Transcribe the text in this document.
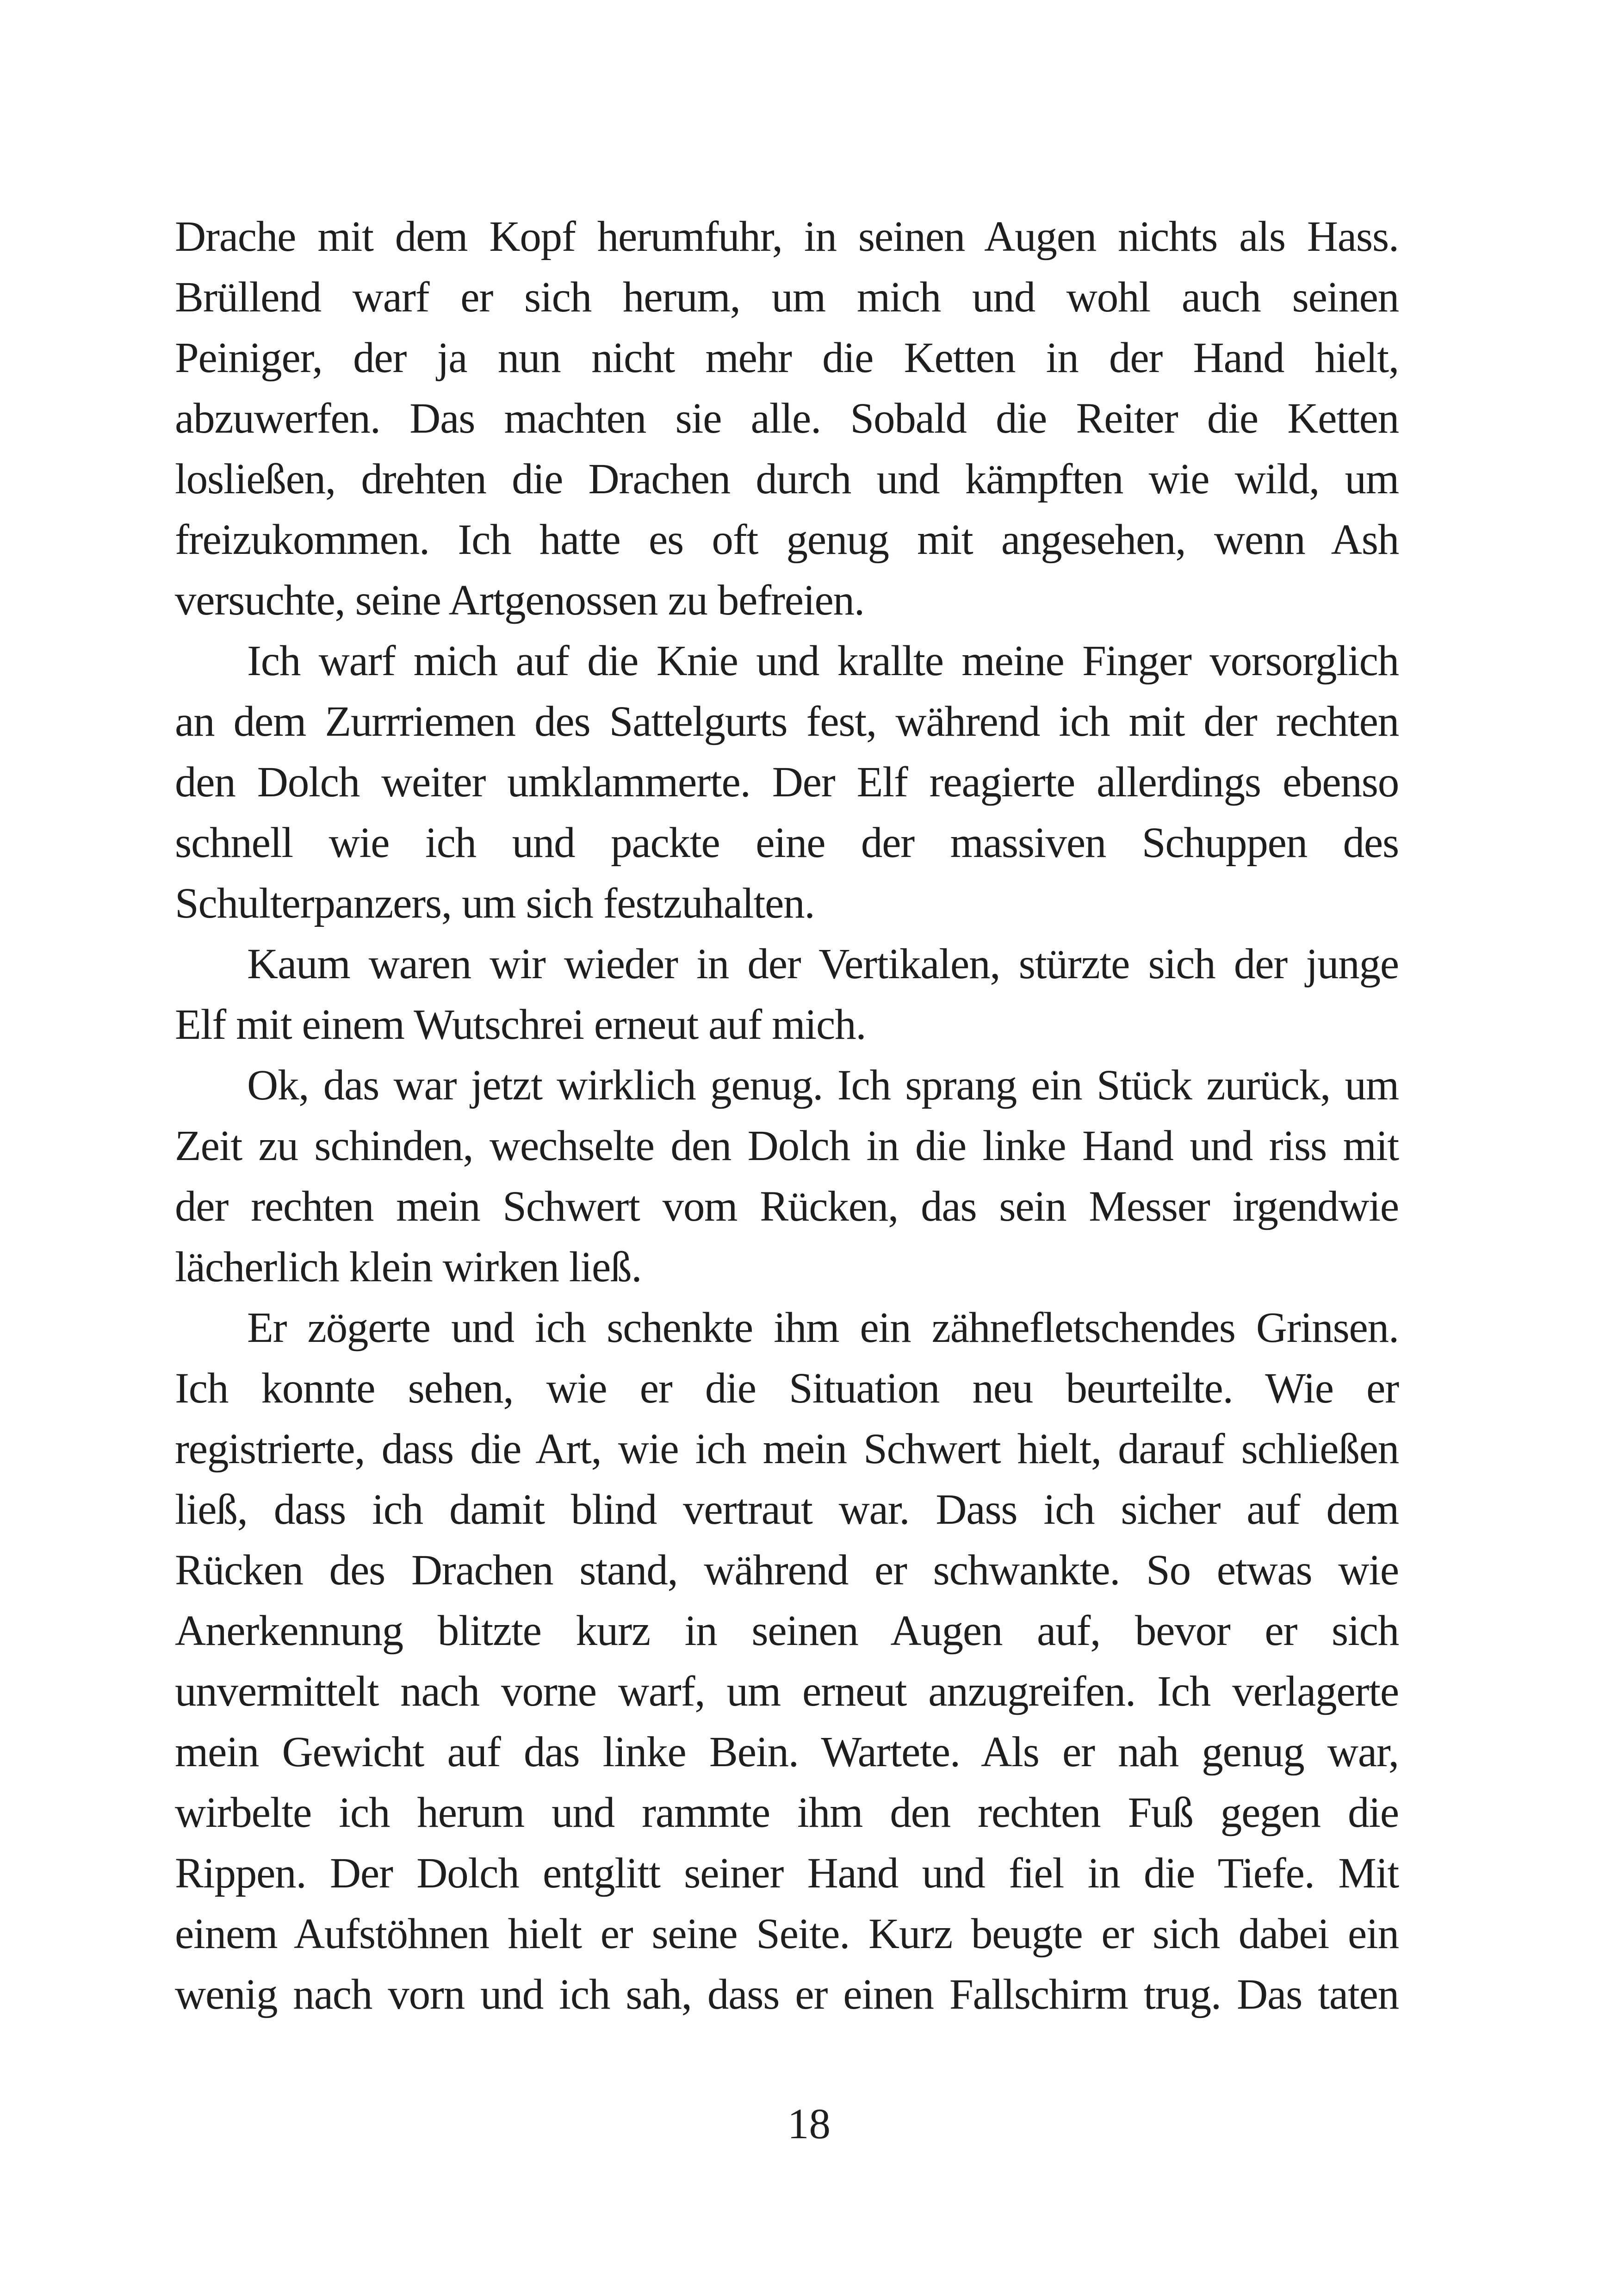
Drache mit dem Kopf herumfuhr, in seinen Augen nichts als Hass.
Brüllend warf er sich herum, um mich und wohl auch seinen
Peiniger, der ja nun nicht mehr die Ketten in der Hand hielt,
abzuwerfen. Das machten sie alle. Sobald die Reiter die Ketten
losließen, drehten die Drachen durch und kämpften wie wild, um
freizukommen. Ich hatte es oft genug mit angesehen, wenn Ash
versuchte, seine Artgenossen zu befreien.

Ich warf mich auf die Knie und krallte meine Finger vorsorglich
an dem Zurrriemen des Sattelgurts fest, während ich mit der rechten
den Dolch weiter umklammerte. Der Elf reagierte allerdings ebenso
schnell wie ich und packte eine der massiven Schuppen des
Schulterpanzers, um sich festzuhalten.

Kaum waren wir wieder in der Vertikalen, stürzte sich der junge
Elf mit einem Wutschrei erneut auf mich.

Ok, das war jetzt wirklich genug. Ich sprang ein Stück zurück, um
Zeit zu schinden, wechselte den Dolch in die linke Hand und riss mit
der rechten mein Schwert vom Rücken, das sein Messer irgendwie
lächerlich klein wirken ließ.

Er zögerte und ich schenkte ihm ein zähnefletschendes Grinsen.
Ich konnte sehen, wie er die Situation neu beurteilte. Wie er
registrierte, dass die Art, wie ich mein Schwert hielt, darauf schließen
ließ, dass ich damit blind vertraut war. Dass ich sicher auf dem
Rücken des Drachen stand, während er schwankte. So etwas wie
Anerkennung blitzte kurz in seinen Augen auf, bevor er sich
unvermittelt nach vorne warf, um erneut anzugreifen. Ich verlagerte
mein Gewicht auf das linke Bein. Wartete. Als er nah genug war,
wirbelte ich herum und rammte ihm den rechten Fuß gegen die
Rippen. Der Dolch entglitt seiner Hand und fiel in die Tiefe. Mit
einem Aufstöhnen hielt er seine Seite. Kurz beugte er sich dabei ein
wenig nach vorn und ich sah, dass er einen Fallschirm trug. Das taten

18
